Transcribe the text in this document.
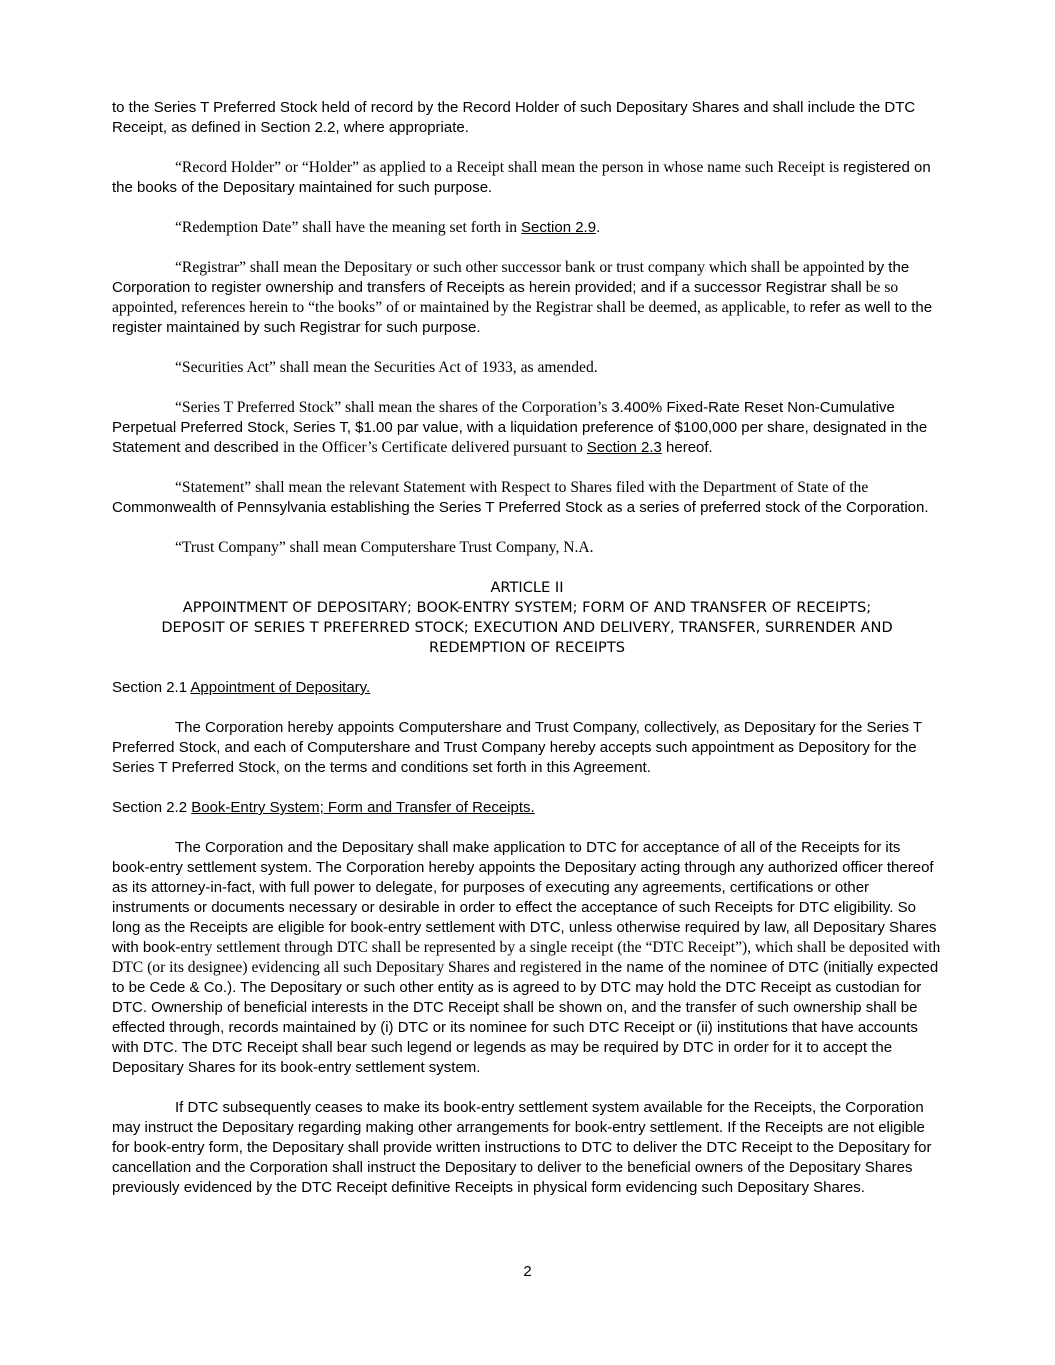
to the Series T Preferred Stock held of record by the Record Holder of such Depositary Shares and shall include the DTC Receipt, as defined in Section 2.2, where appropriate.

“Record Holder” or “Holder” as applied to a Receipt shall mean the person in whose name such Receipt is registered on the books of the Depositary maintained for such purpose.

“Redemption Date” shall have the meaning set forth in Section 2.9.

“Registrar” shall mean the Depositary or such other successor bank or trust company which shall be appointed by the Corporation to register ownership and transfers of Receipts as herein provided; and if a successor Registrar shall be so appointed, references herein to “the books” of or maintained by the Registrar shall be deemed, as applicable, to refer as well to the register maintained by such Registrar for such purpose.

“Securities Act” shall mean the Securities Act of 1933, as amended.

“Series T Preferred Stock” shall mean the shares of the Corporation’s 3.400% Fixed-Rate Reset Non-Cumulative Perpetual Preferred Stock, Series T, $1.00 par value, with a liquidation preference of $100,000 per share, designated in the Statement and described in the Officer’s Certificate delivered pursuant to Section 2.3 hereof.

“Statement” shall mean the relevant Statement with Respect to Shares filed with the Department of State of the Commonwealth of Pennsylvania establishing the Series T Preferred Stock as a series of preferred stock of the Corporation.

“Trust Company” shall mean Computershare Trust Company, N.A.

ARTICLE II
APPOINTMENT OF DEPOSITARY; BOOK-ENTRY SYSTEM; FORM OF AND TRANSFER OF RECEIPTS;
DEPOSIT OF SERIES T PREFERRED STOCK; EXECUTION AND DELIVERY, TRANSFER, SURRENDER AND
REDEMPTION OF RECEIPTS

Section 2.1 Appointment of Depositary.

The Corporation hereby appoints Computershare and Trust Company, collectively, as Depositary for the Series T Preferred Stock, and each of Computershare and Trust Company hereby accepts such appointment as Depository for the Series T Preferred Stock, on the terms and conditions set forth in this Agreement.

Section 2.2 Book-Entry System; Form and Transfer of Receipts.

The Corporation and the Depositary shall make application to DTC for acceptance of all of the Receipts for its book-entry settlement system. The Corporation hereby appoints the Depositary acting through any authorized officer thereof as its attorney-in-fact, with full power to delegate, for purposes of executing any agreements, certifications or other instruments or documents necessary or desirable in order to effect the acceptance of such Receipts for DTC eligibility. So long as the Receipts are eligible for book-entry settlement with DTC, unless otherwise required by law, all Depositary Shares with book-entry settlement through DTC shall be represented by a single receipt (the “DTC Receipt”), which shall be deposited with DTC (or its designee) evidencing all such Depositary Shares and registered in the name of the nominee of DTC (initially expected to be Cede & Co.). The Depositary or such other entity as is agreed to by DTC may hold the DTC Receipt as custodian for DTC. Ownership of beneficial interests in the DTC Receipt shall be shown on, and the transfer of such ownership shall be effected through, records maintained by (i) DTC or its nominee for such DTC Receipt or (ii) institutions that have accounts with DTC. The DTC Receipt shall bear such legend or legends as may be required by DTC in order for it to accept the Depositary Shares for its book-entry settlement system.

If DTC subsequently ceases to make its book-entry settlement system available for the Receipts, the Corporation may instruct the Depositary regarding making other arrangements for book-entry settlement. If the Receipts are not eligible for book-entry form, the Depositary shall provide written instructions to DTC to deliver the DTC Receipt to the Depositary for cancellation and the Corporation shall instruct the Depositary to deliver to the beneficial owners of the Depositary Shares previously evidenced by the DTC Receipt definitive Receipts in physical form evidencing such Depositary Shares.

2
